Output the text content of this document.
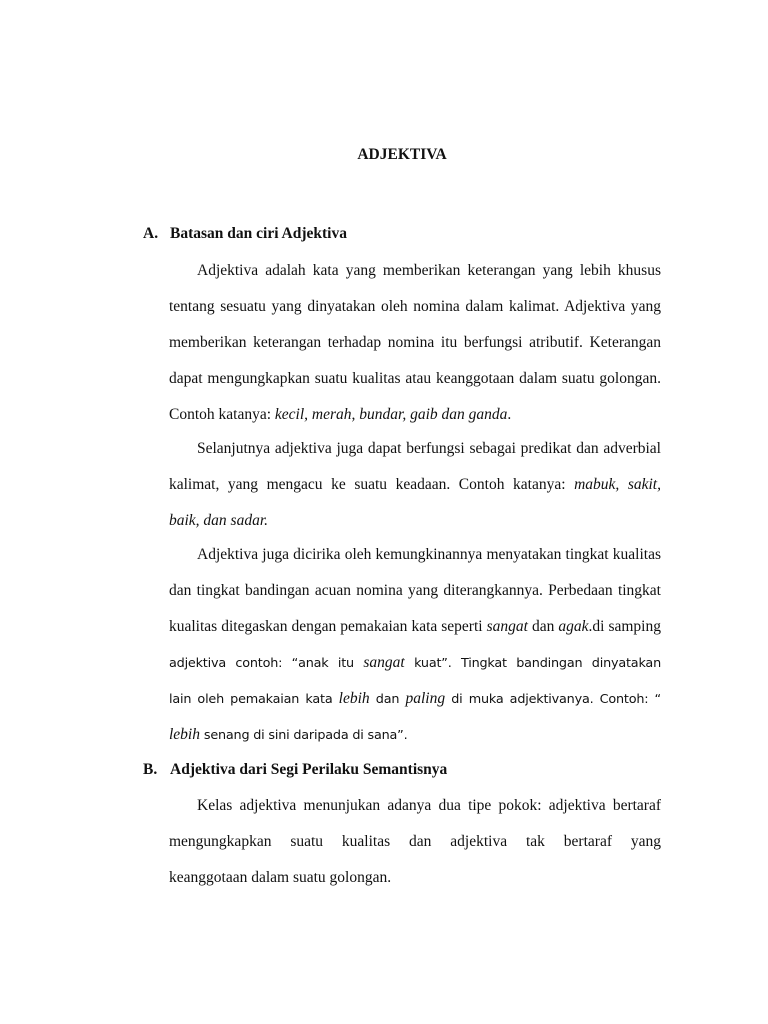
ADJEKTIVA
A. Batasan dan ciri Adjektiva
Adjektiva adalah kata yang memberikan keterangan yang lebih khusus
tentang sesuatu yang dinyatakan oleh nomina dalam kalimat. Adjektiva yang
memberikan keterangan terhadap nomina itu berfungsi atributif. Keterangan
dapat mengungkapkan suatu kualitas atau keanggotaan dalam suatu golongan.
Contoh katanya: kecil, merah, bundar, gaib dan ganda.
Selanjutnya adjektiva juga dapat berfungsi sebagai predikat dan adverbial
kalimat, yang mengacu ke suatu keadaan. Contoh katanya: mabuk, sakit,
baik, dan sadar.
Adjektiva juga dicirika oleh kemungkinannya menyatakan tingkat kualitas
dan tingkat bandingan acuan nomina yang diterangkannya. Perbedaan tingkat
kualitas ditegaskan dengan pemakaian kata seperti sangat dan agak.di samping
adjektiva contoh: “anak itu sangat kuat”. Tingkat bandingan dinyatakan
lain oleh pemakaian kata lebih dan paling di muka adjektivanya. Contoh: “
lebih senang di sini daripada di sana”.
B. Adjektiva dari Segi Perilaku Semantisnya
Kelas adjektiva menunjukan adanya dua tipe pokok: adjektiva bertaraf
mengungkapkan suatu kualitas dan adjektiva tak bertaraf yang
keanggotaan dalam suatu golongan.
